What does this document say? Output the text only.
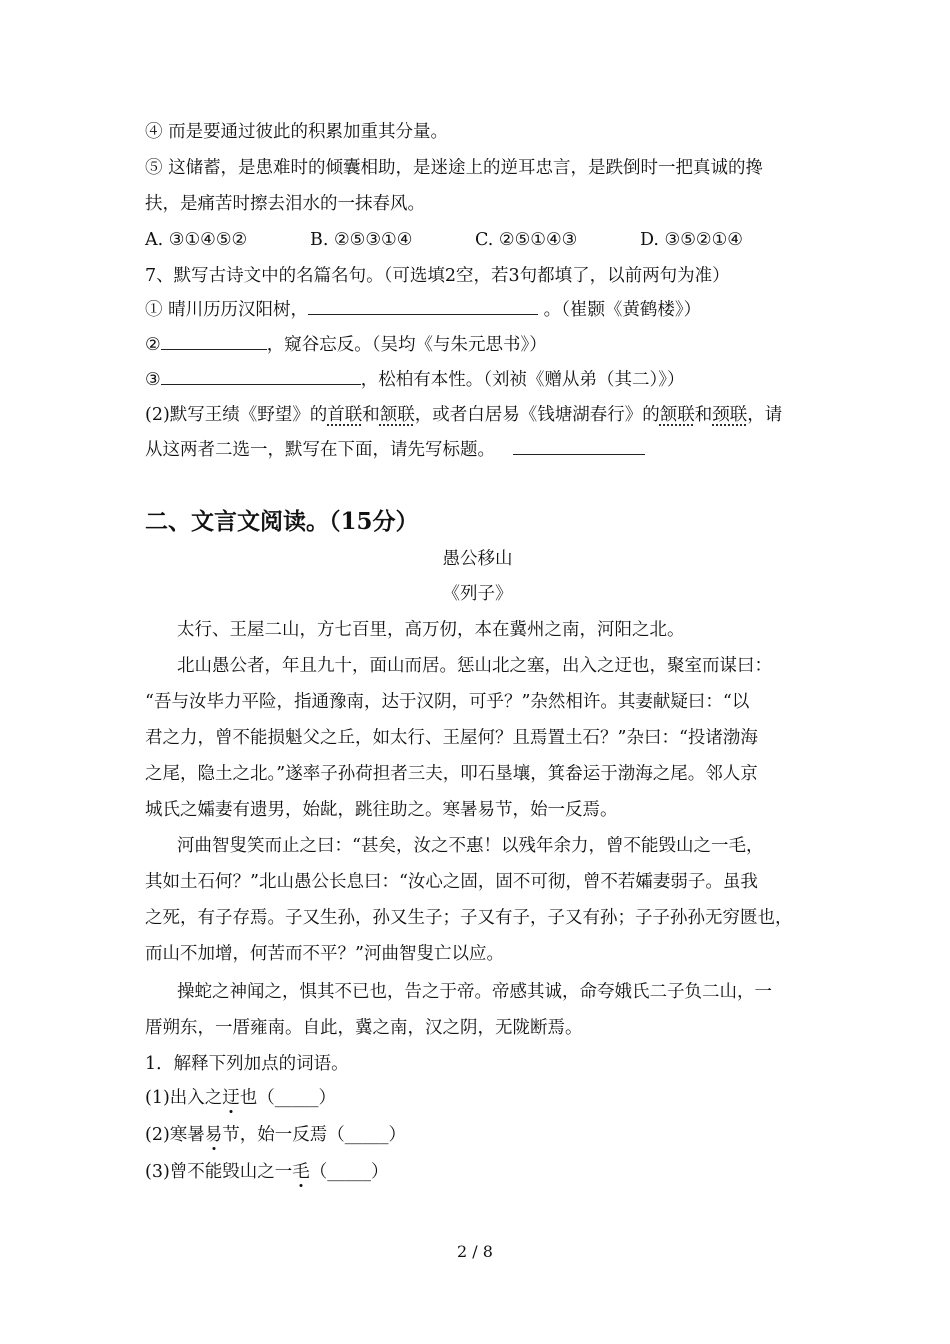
④ 而是要通过彼此的积累加重其分量。
⑤ 这储蓄，是患难时的倾囊相助，是迷途上的逆耳忠言，是跌倒时一把真诚的搀
扶，是痛苦时擦去泪水的一抹春风。
A. ③①④⑤②	B. ②⑤③①④	C. ②⑤①④③	D. ③⑤②①④
7、默写古诗文中的名篇名句。（可选填2空，若3句都填了，以前两句为准）
① 晴川历历汉阳树，	。（崔颢《黄鹤楼》）
②	，窥谷忘反。（吴均《与朱元思书》）
③	，松柏有本性。（刘祯《赠从弟（其二）》）
(2)默写王绩《野望》的首联和颔联，或者白居易《钱塘湖春行》的颔联和颈联，请
从这两者二选一，默写在下面，请先写标题。
二、文言文阅读。（15分）
愚公移山
《列子》
太行、王屋二山，方七百里，高万仞，本在冀州之南，河阳之北。
北山愚公者，年且九十，面山而居。惩山北之塞，出入之迂也，聚室而谋曰：
“吾与汝毕力平险，指通豫南，达于汉阴，可乎？”杂然相许。其妻献疑曰：“以
君之力，曾不能损魁父之丘，如太行、王屋何？且焉置土石？”杂曰：“投诸渤海
之尾，隐土之北。”遂率子孙荷担者三夫，叩石垦壤，箕畚运于渤海之尾。邻人京
城氏之孀妻有遗男，始龀，跳往助之。寒暑易节，始一反焉。
河曲智叟笑而止之曰：“甚矣，汝之不惠！以残年余力，曾不能毁山之一毛，
其如土石何？”北山愚公长息曰：“汝心之固，固不可彻，曾不若孀妻弱子。虽我
之死，有子存焉。子又生孙，孙又生子；子又有子，子又有孙；子子孙孙无穷匮也，
而山不加增，何苦而不平？”河曲智叟亡以应。
操蛇之神闻之，惧其不已也，告之于帝。帝感其诚，命夸娥氏二子负二山，一
厝朔东，一厝雍南。自此，冀之南，汉之阴，无陇断焉。
1．解释下列加点的词语。
(1)出入之迂也（_____）
(2)寒暑易节，始一反焉（_____）
(3)曾不能毁山之一毛（_____）
2 / 8
